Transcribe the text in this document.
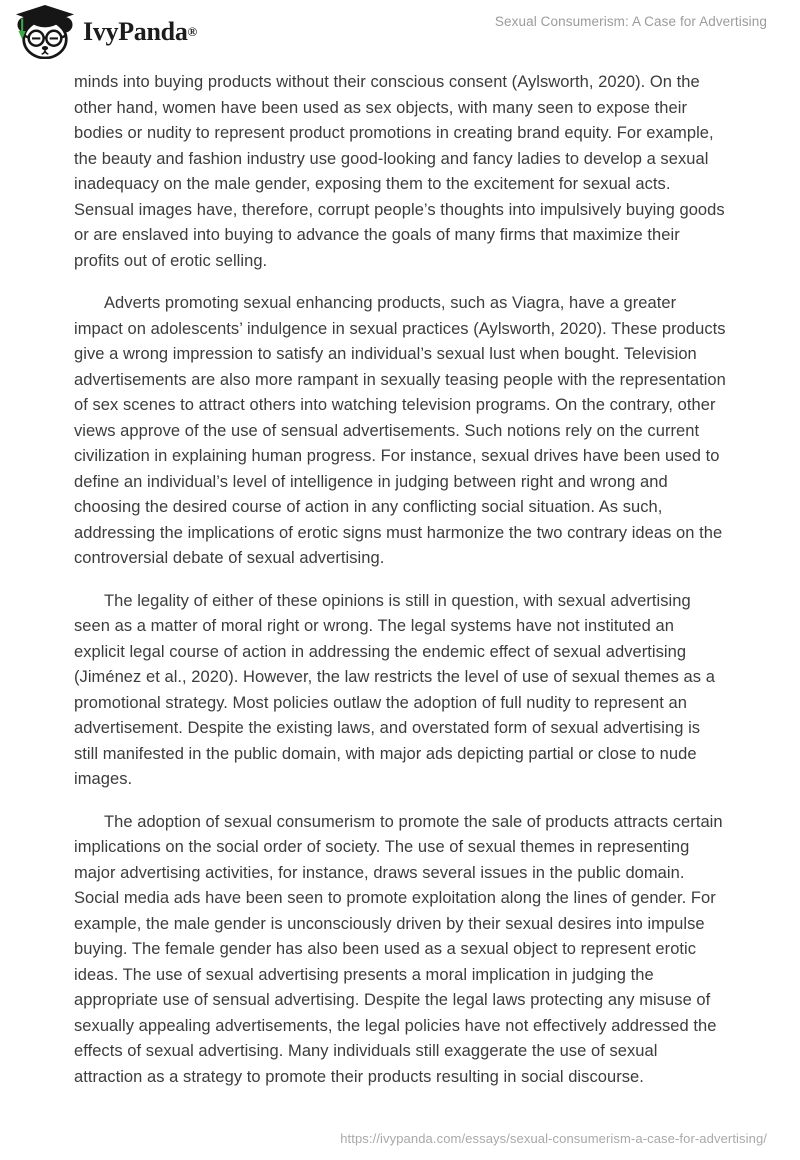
IvyPanda ®
Sexual Consumerism: A Case for Advertising

minds into buying products without their conscious consent (Aylsworth, 2020). On the other hand, women have been used as sex objects, with many seen to expose their bodies or nudity to represent product promotions in creating brand equity. For example, the beauty and fashion industry use good-looking and fancy ladies to develop a sexual inadequacy on the male gender, exposing them to the excitement for sexual acts. Sensual images have, therefore, corrupt people’s thoughts into impulsively buying goods or are enslaved into buying to advance the goals of many firms that maximize their profits out of erotic selling.

Adverts promoting sexual enhancing products, such as Viagra, have a greater impact on adolescents’ indulgence in sexual practices (Aylsworth, 2020). These products give a wrong impression to satisfy an individual’s sexual lust when bought. Television advertisements are also more rampant in sexually teasing people with the representation of sex scenes to attract others into watching television programs. On the contrary, other views approve of the use of sensual advertisements. Such notions rely on the current civilization in explaining human progress. For instance, sexual drives have been used to define an individual’s level of intelligence in judging between right and wrong and choosing the desired course of action in any conflicting social situation. As such, addressing the implications of erotic signs must harmonize the two contrary ideas on the controversial debate of sexual advertising.

The legality of either of these opinions is still in question, with sexual advertising seen as a matter of moral right or wrong. The legal systems have not instituted an explicit legal course of action in addressing the endemic effect of sexual advertising (Jiménez et al., 2020). However, the law restricts the level of use of sexual themes as a promotional strategy. Most policies outlaw the adoption of full nudity to represent an advertisement. Despite the existing laws, and overstated form of sexual advertising is still manifested in the public domain, with major ads depicting partial or close to nude images.

The adoption of sexual consumerism to promote the sale of products attracts certain implications on the social order of society. The use of sexual themes in representing major advertising activities, for instance, draws several issues in the public domain. Social media ads have been seen to promote exploitation along the lines of gender. For example, the male gender is unconsciously driven by their sexual desires into impulse buying. The female gender has also been used as a sexual object to represent erotic ideas. The use of sexual advertising presents a moral implication in judging the appropriate use of sensual advertising. Despite the legal laws protecting any misuse of sexually appealing advertisements, the legal policies have not effectively addressed the effects of sexual advertising. Many individuals still exaggerate the use of sexual attraction as a strategy to promote their products resulting in social discourse.

https://ivypanda.com/essays/sexual-consumerism-a-case-for-advertising/
